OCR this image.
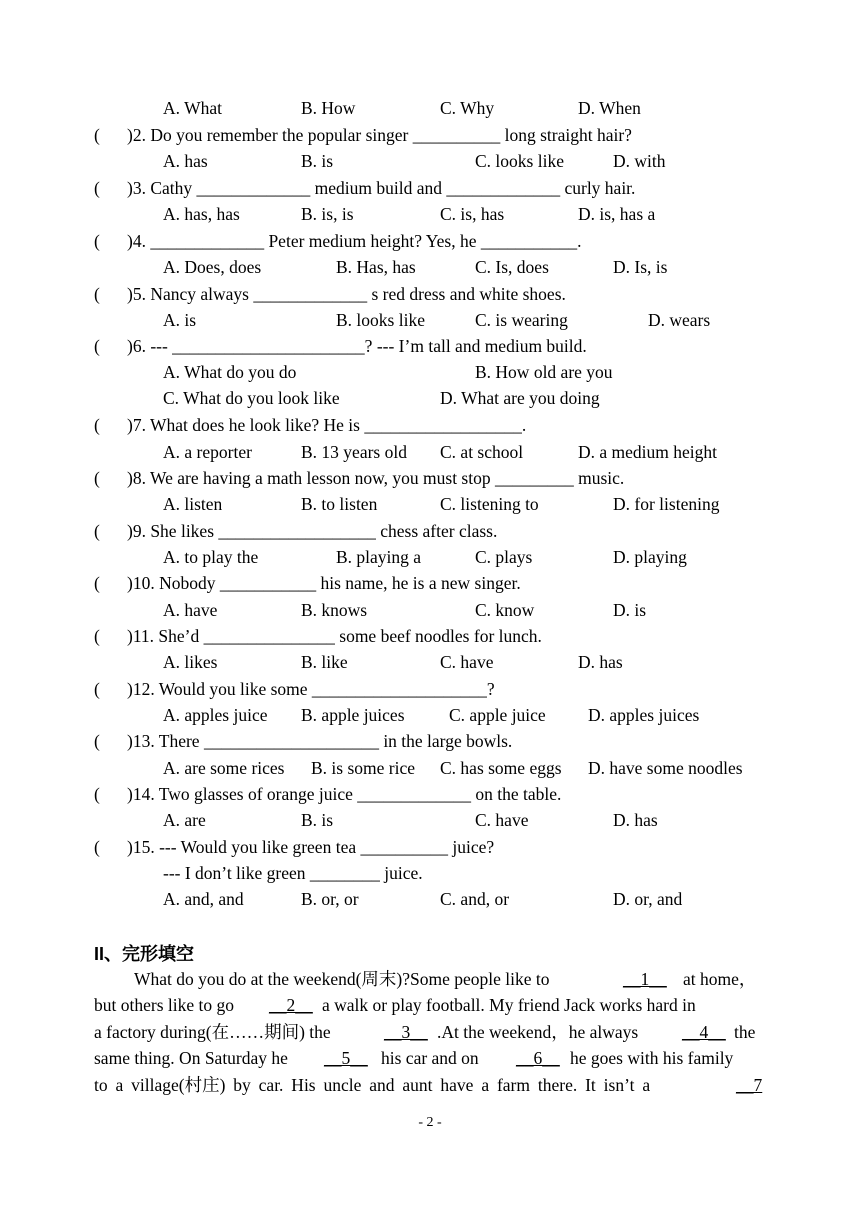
A. What	B. How	C. Why	D. When
( )2. Do you remember the popular singer __________ long straight hair?
A. has	B. is	C. looks like	D. with
( )3. Cathy _____________ medium build and _____________ curly hair.
A. has, has	B. is, is	C. is, has	D. is, has a
( )4. _____________ Peter medium height? Yes, he ___________.
A. Does, does	B. Has, has	C. Is, does	D. Is, is
( )5. Nancy always _____________ s red dress and white shoes.
A. is	B. looks like	C. is wearing	D. wears
( )6. --- ______________________? --- I’m tall and medium build.
A. What do you do	B. How old are you
C. What do you look like	D. What are you doing
( )7. What does he look like? He is __________________.
A. a reporter	B. 13 years old C. at school	D. a medium height
( )8. We are having a math lesson now, you must stop _________ music.
A. listen	B. to listen	C. listening to	D. for listening
( )9. She likes __________________ chess after class.
A. to play the	B. playing a	C. plays	D. playing
( )10. Nobody ___________ his name, he is a new singer.
A. have	B. knows	C. know	D. is
( )11. She’d _______________ some beef noodles for lunch.
A. likes	B. like	C. have	D. has
( )12. Would you like some ____________________?
A. apples juice B. apple juices	C. apple juice D. apples juices
( )13. There ____________________ in the large bowls.
A. are some rices B. is some rice C. has some eggs D. have some noodles
( )14. Two glasses of orange juice _____________ on the table.
A. are	B. is	C. have	D. has
( )15. --- Would you like green tea __________ juice?
--- I don’t like green ________ juice.
A. and, and	B. or, or	C. and, or	D. or, and
II、完形填空
What do you do at the weekend(周末)?Some people like to	__1__ at home，
but others like to go __2__ a walk or play football. My friend Jack works hard in
a factory during(在……期间) the	__3__ .At the weekend，he always	__4__ the
same thing. On Saturday he __5__ his car and on __6__ he goes with his family
to a village(村庄) by car. His uncle and aunt have a farm there. It isn’t a	__7
- 2 -
